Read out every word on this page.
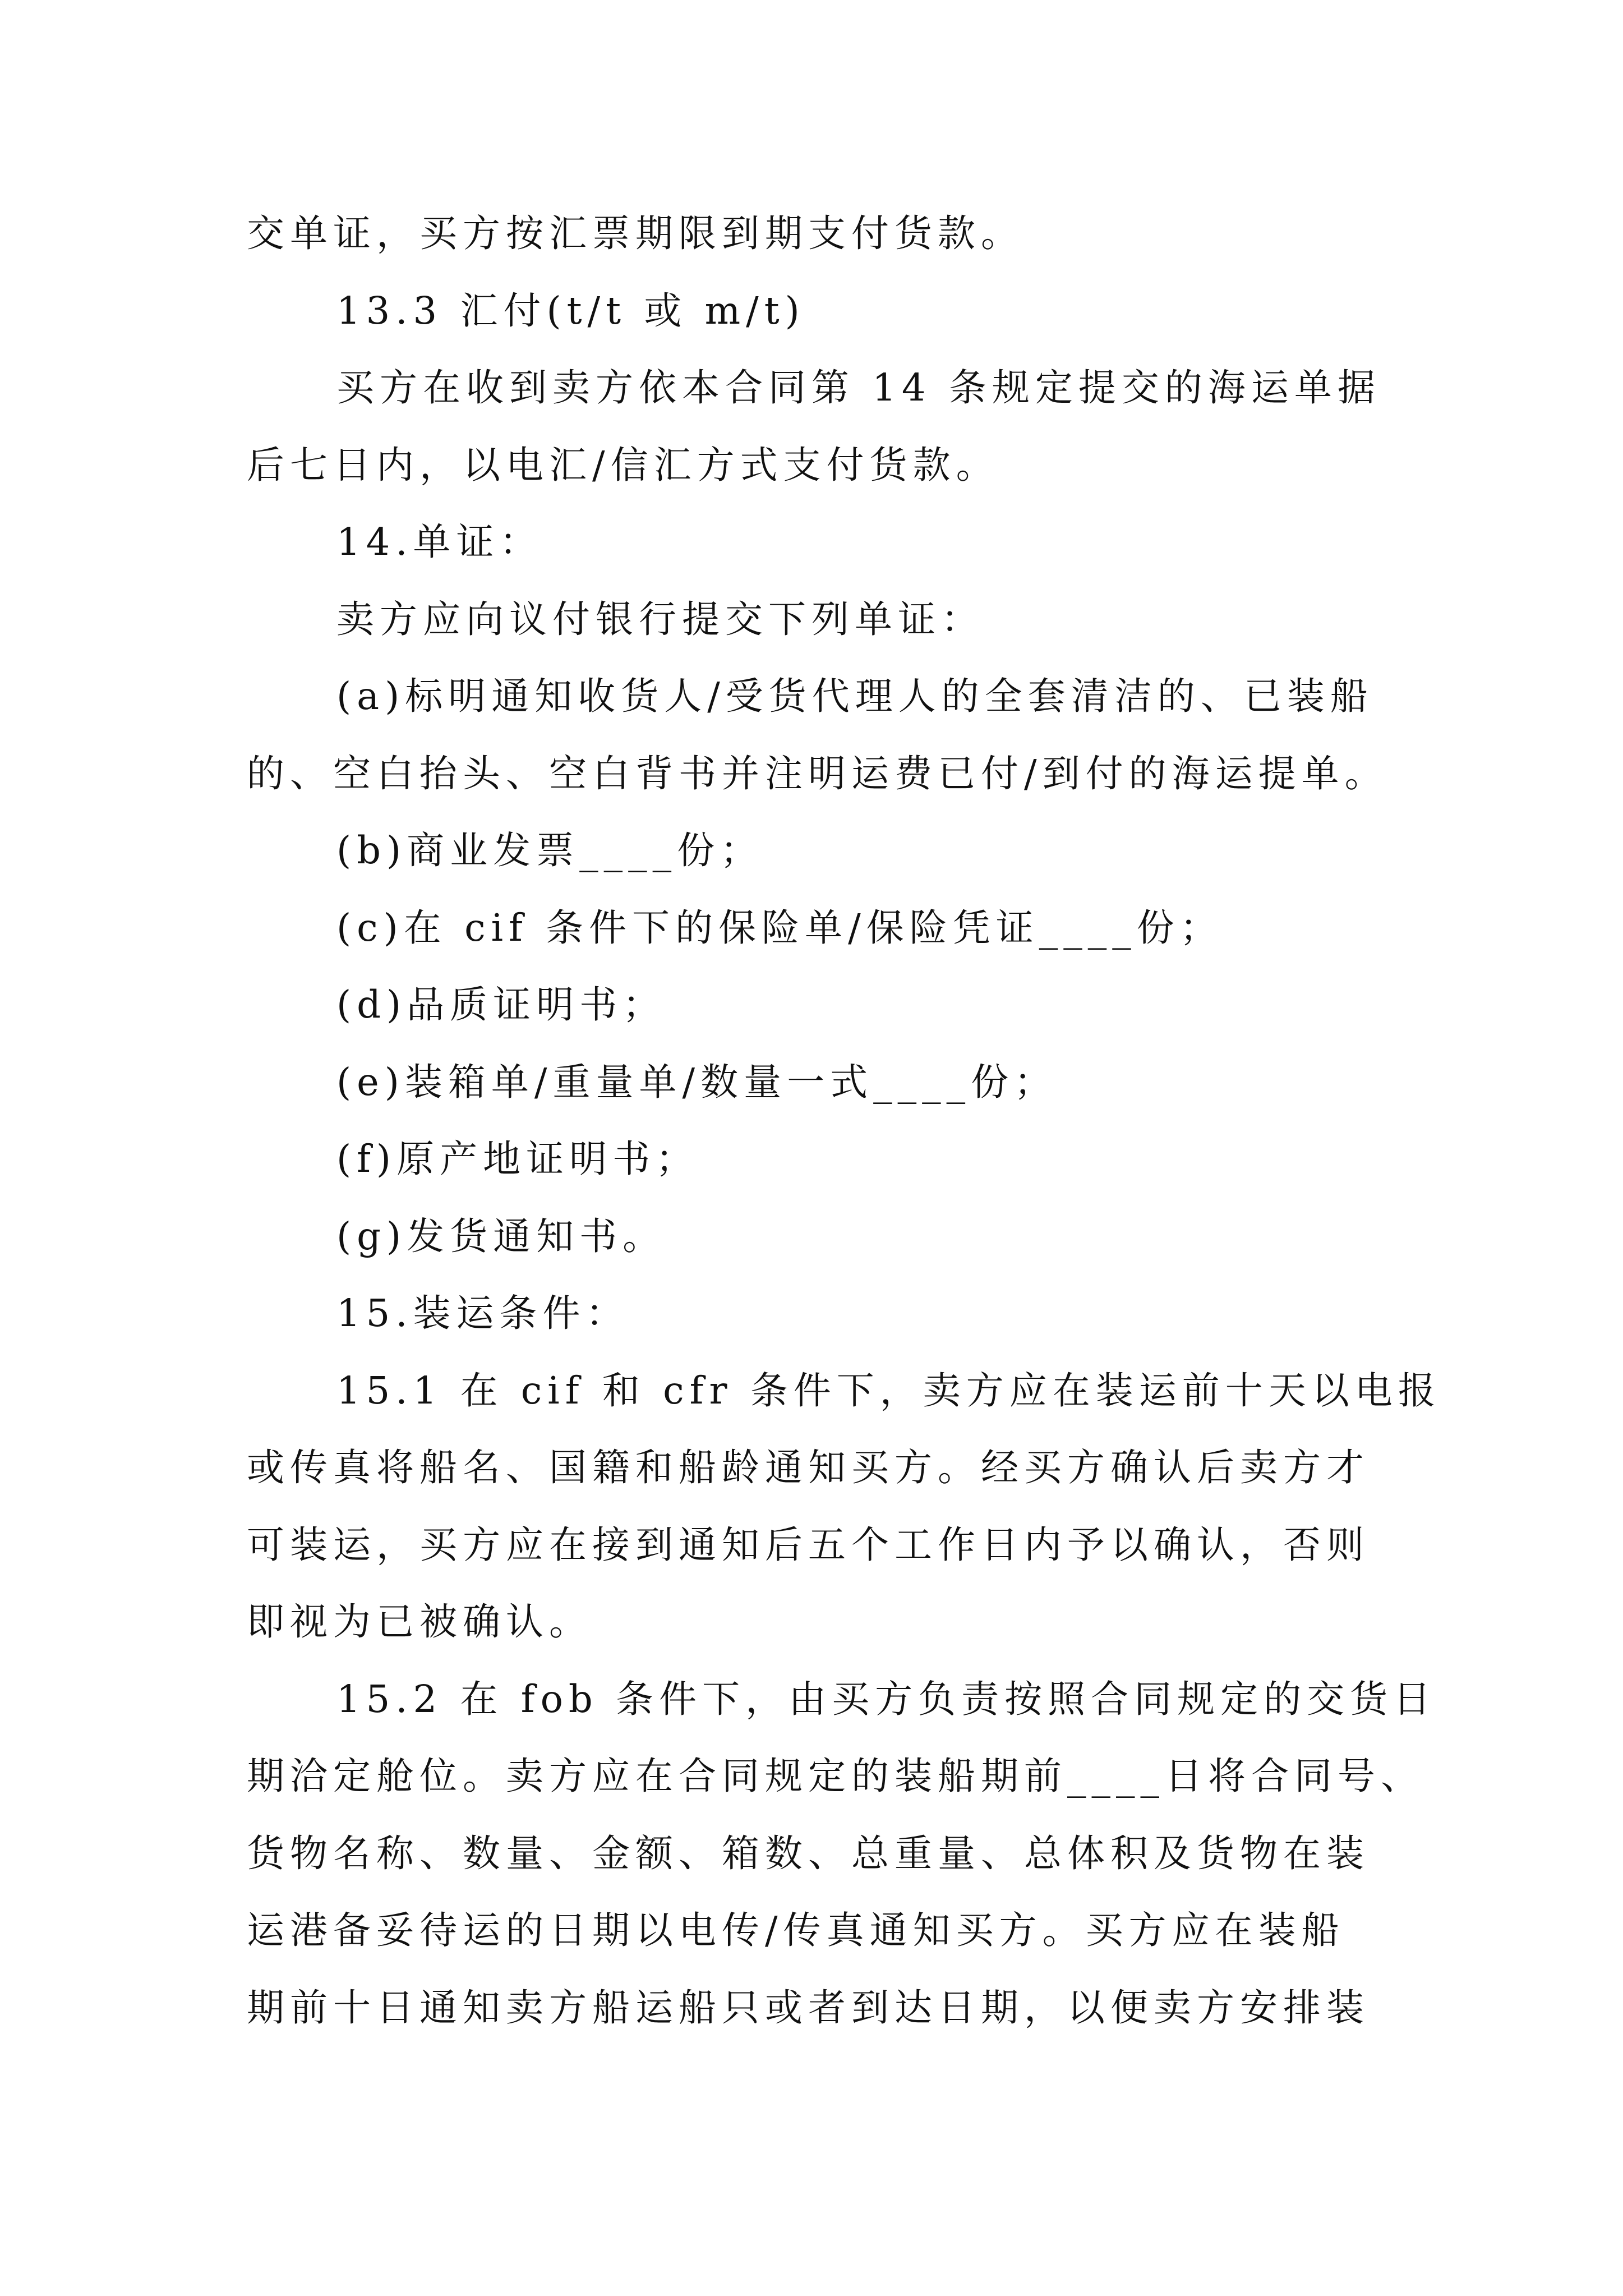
交单证，买方按汇票期限到期支付货款。
13.3 汇付(t/t 或 m/t)
买方在收到卖方依本合同第 14 条规定提交的海运单据
后七日内，以电汇/信汇方式支付货款。
14.单证：
卖方应向议付银行提交下列单证：
(a)标明通知收货人/受货代理人的全套清洁的、已装船
的、空白抬头、空白背书并注明运费已付/到付的海运提单。
(b)商业发票____份；
(c)在 cif 条件下的保险单/保险凭证____份；
(d)品质证明书；
(e)装箱单/重量单/数量一式____份；
(f)原产地证明书；
(g)发货通知书。
15.装运条件：
15.1 在 cif 和 cfr 条件下，卖方应在装运前十天以电报
或传真将船名、国籍和船龄通知买方。经买方确认后卖方才
可装运，买方应在接到通知后五个工作日内予以确认，否则
即视为已被确认。
15.2 在 fob 条件下，由买方负责按照合同规定的交货日
期洽定舱位。卖方应在合同规定的装船期前____日将合同号、
货物名称、数量、金额、箱数、总重量、总体积及货物在装
运港备妥待运的日期以电传/传真通知买方。买方应在装船
期前十日通知卖方船运船只或者到达日期，以便卖方安排装
